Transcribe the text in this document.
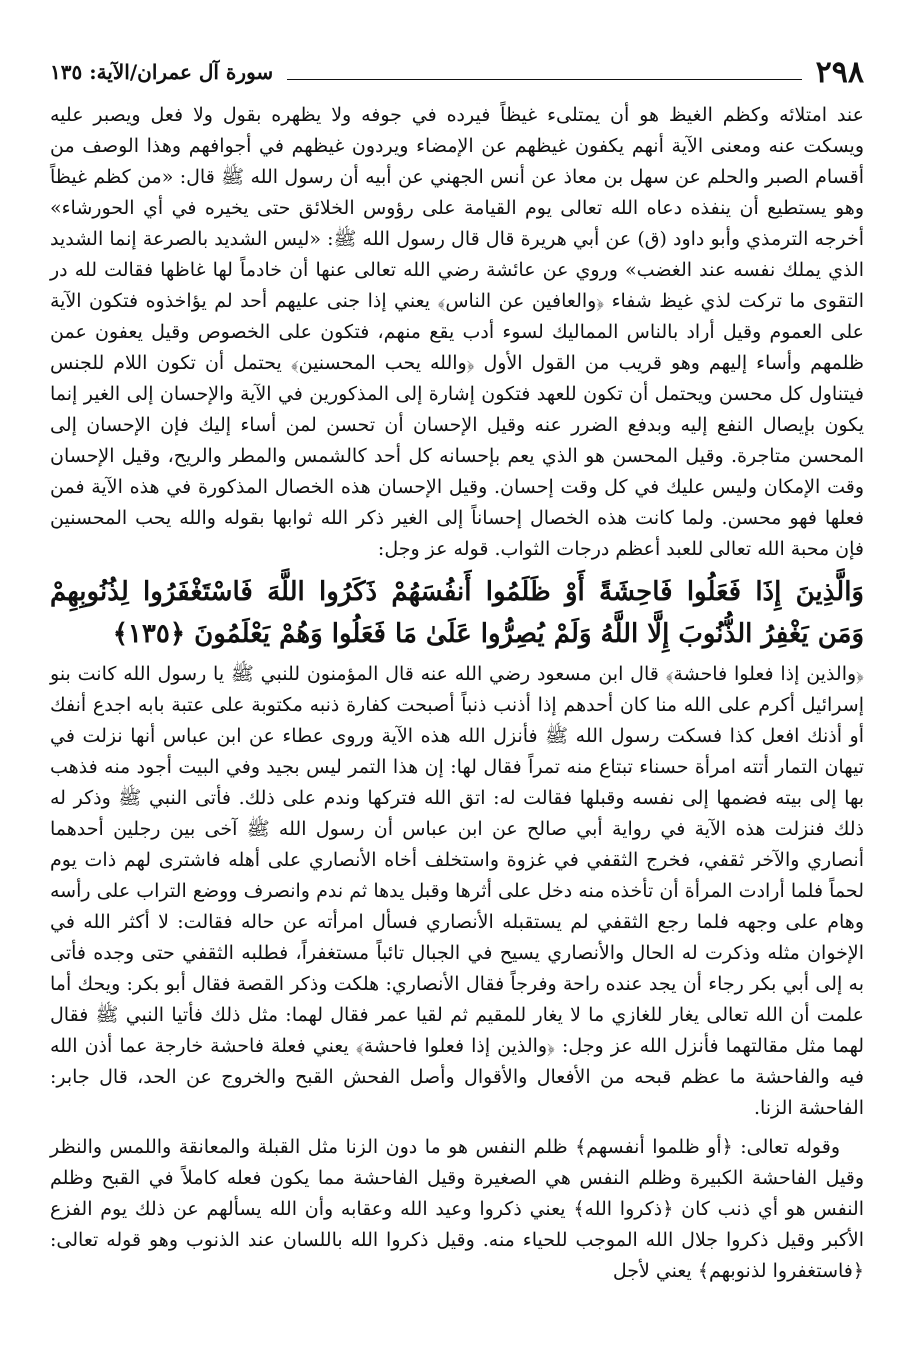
٢٩٨
سورة آل عمران/الآية: ١٣٥

عند امتلائه وكظم الغيظ هو أن يمتلىء غيظاً فيرده في جوفه ولا يظهره بقول ولا فعل ويصبر عليه ويسكت عنه ومعنى الآية أنهم يكفون غيظهم عن الإمضاء ويردون غيظهم في أجوافهم وهذا الوصف من أقسام الصبر والحلم عن سهل بن معاذ عن أنس الجهني عن أبيه أن رسول الله ﷺ قال: «من كظم غيظاً وهو يستطيع أن ينفذه دعاه الله تعالى يوم القيامة على رؤوس الخلائق حتى يخيره في أي الحورشاء» أخرجه الترمذي وأبو داود (ق) عن أبي هريرة قال قال رسول الله ﷺ: «ليس الشديد بالصرعة إنما الشديد الذي يملك نفسه عند الغضب» وروي عن عائشة رضي الله تعالى عنها أن خادماً لها غاظها فقالت لله در التقوى ما تركت لذي غيظ شفاء ﴿والعافين عن الناس﴾ يعني إذا جنى عليهم أحد لم يؤاخذوه فتكون الآية على العموم وقيل أراد بالناس المماليك لسوء أدب يقع منهم، فتكون على الخصوص وقيل يعفون عمن ظلمهم وأساء إليهم وهو قريب من القول الأول ﴿والله يحب المحسنين﴾ يحتمل أن تكون اللام للجنس فيتناول كل محسن ويحتمل أن تكون للعهد فتكون إشارة إلى المذكورين في الآية والإحسان إلى الغير إنما يكون بإيصال النفع إليه وبدفع الضرر عنه وقيل الإحسان أن تحسن لمن أساء إليك فإن الإحسان إلى المحسن متاجرة. وقيل المحسن هو الذي يعم بإحسانه كل أحد كالشمس والمطر والريح، وقيل الإحسان وقت الإمكان وليس عليك في كل وقت إحسان. وقيل الإحسان هذه الخصال المذكورة في هذه الآية فمن فعلها فهو محسن. ولما كانت هذه الخصال إحساناً إلى الغير ذكر الله ثوابها بقوله والله يحب المحسنين فإن محبة الله تعالى للعبد أعظم درجات الثواب. قوله عز وجل:

وَالَّذِينَ إِذَا فَعَلُوا فَاحِشَةً أَوْ ظَلَمُوا أَنفُسَهُمْ ذَكَرُوا اللَّهَ فَاسْتَغْفَرُوا لِذُنُوبِهِمْ وَمَن يَغْفِرُ الذُّنُوبَ إِلَّا اللَّهُ وَلَمْ يُصِرُّوا عَلَىٰ مَا فَعَلُوا وَهُمْ يَعْلَمُونَ ﴿١٣٥﴾

﴿والذين إذا فعلوا فاحشة﴾ قال ابن مسعود رضي الله عنه قال المؤمنون للنبي ﷺ يا رسول الله كانت بنو إسرائيل أكرم على الله منا كان أحدهم إذا أذنب ذنباً أصبحت كفارة ذنبه مكتوبة على عتبة بابه اجدع أنفك أو أذنك افعل كذا فسكت رسول الله ﷺ فأنزل الله هذه الآية وروى عطاء عن ابن عباس أنها نزلت في تيهان التمار أتته امرأة حسناء تبتاع منه تمراً فقال لها: إن هذا التمر ليس بجيد وفي البيت أجود منه فذهب بها إلى بيته فضمها إلى نفسه وقبلها فقالت له: اتق الله فتركها وندم على ذلك. فأتى النبي ﷺ وذكر له ذلك فنزلت هذه الآية في رواية أبي صالح عن ابن عباس أن رسول الله ﷺ آخى بين رجلين أحدهما أنصاري والآخر ثقفي، فخرج الثقفي في غزوة واستخلف أخاه الأنصاري على أهله فاشترى لهم ذات يوم لحماً فلما أرادت المرأة أن تأخذه منه دخل على أثرها وقبل يدها ثم ندم وانصرف ووضع التراب على رأسه وهام على وجهه فلما رجع الثقفي لم يستقبله الأنصاري فسأل امرأته عن حاله فقالت: لا أكثر الله في الإخوان مثله وذكرت له الحال والأنصاري يسيح في الجبال تائباً مستغفراً، فطلبه الثقفي حتى وجده فأتى به إلى أبي بكر رجاء أن يجد عنده راحة وفرجاً فقال الأنصاري: هلكت وذكر القصة فقال أبو بكر: ويحك أما علمت أن الله تعالى يغار للغازي ما لا يغار للمقيم ثم لقيا عمر فقال لهما: مثل ذلك فأتيا النبي ﷺ فقال لهما مثل مقالتهما فأنزل الله عز وجل: ﴿والذين إذا فعلوا فاحشة﴾ يعني فعلة فاحشة خارجة عما أذن الله فيه والفاحشة ما عظم قبحه من الأفعال والأقوال وأصل الفحش القبح والخروج عن الحد، قال جابر: الفاحشة الزنا.

وقوله تعالى: ﴿أو ظلموا أنفسهم﴾ ظلم النفس هو ما دون الزنا مثل القبلة والمعانقة واللمس والنظر وقيل الفاحشة الكبيرة وظلم النفس هي الصغيرة وقيل الفاحشة مما يكون فعله كاملاً في القبح وظلم النفس هو أي ذنب كان ﴿ذكروا الله﴾ يعني ذكروا وعيد الله وعقابه وأن الله يسألهم عن ذلك يوم الفزع الأكبر وقيل ذكروا جلال الله الموجب للحياء منه. وقيل ذكروا الله باللسان عند الذنوب وهو قوله تعالى: ﴿فاستغفروا لذنوبهم﴾ يعني لأجل
